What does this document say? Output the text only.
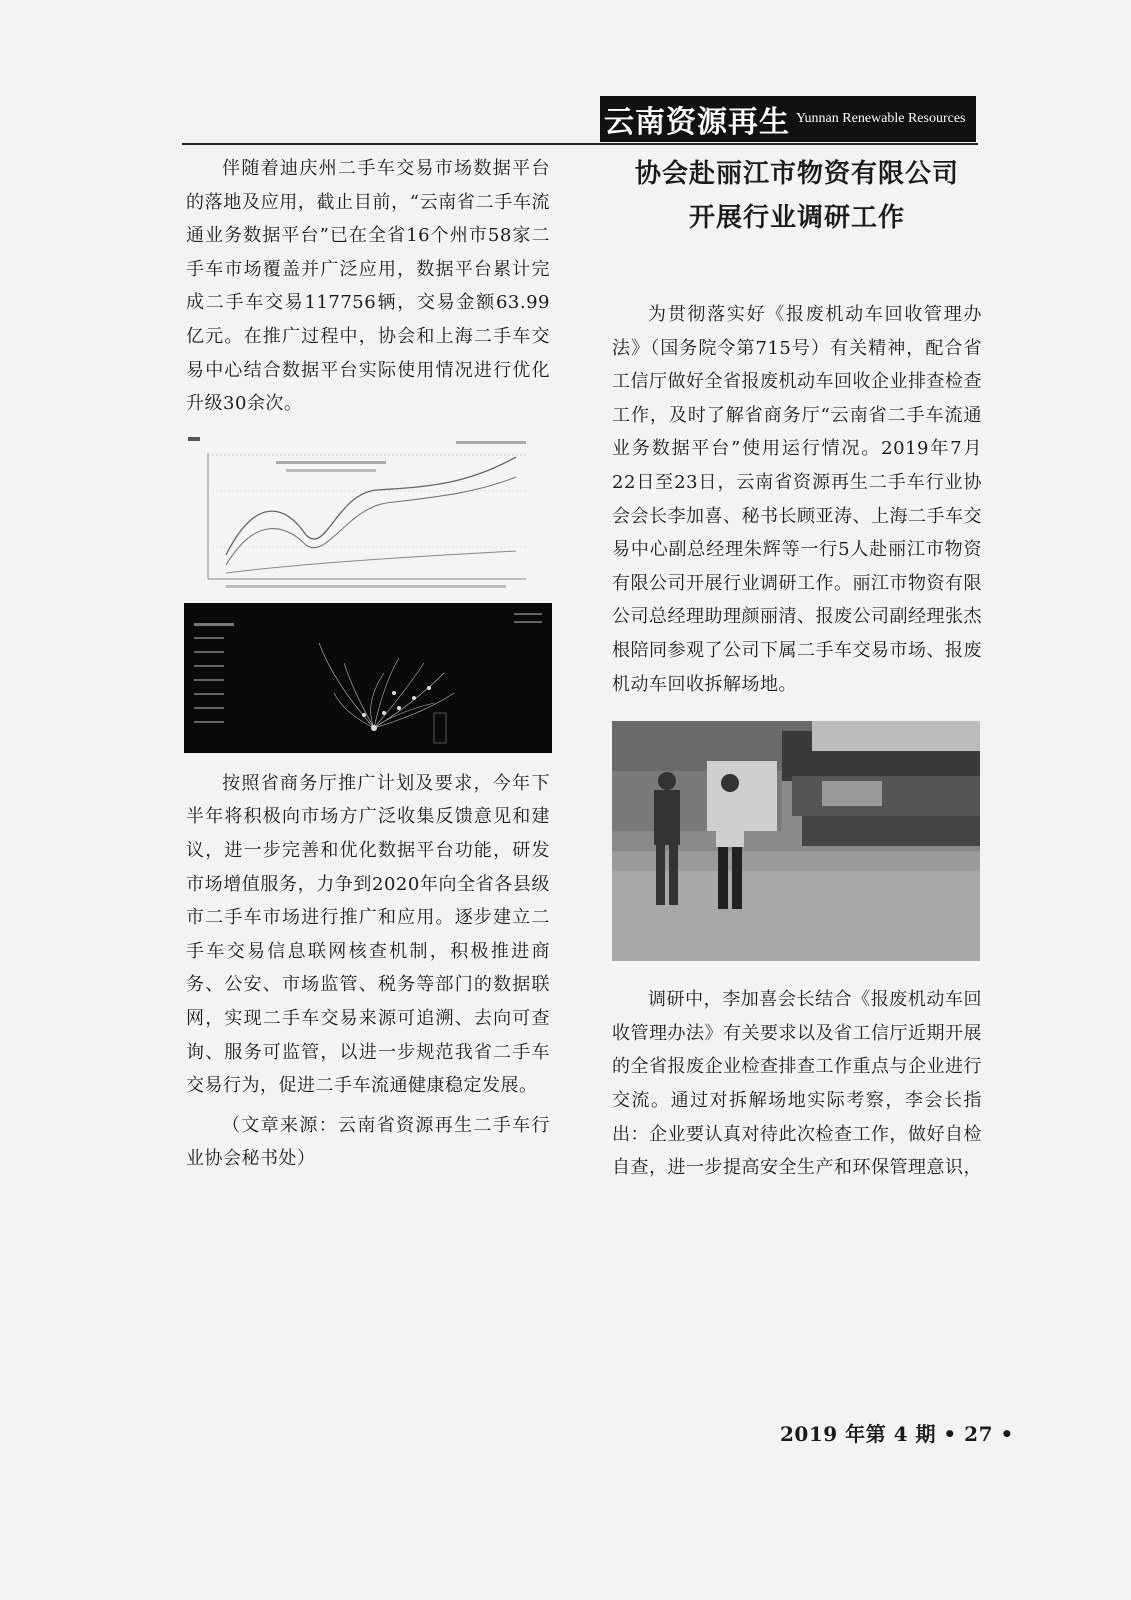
云南资源再生 Yunnan Renewable Resources

伴随着迪庆州二手车交易市场数据平台的落地及应用，截止目前，“云南省二手车流通业务数据平台”已在全省16个州市58家二手车市场覆盖并广泛应用，数据平台累计完成二手车交易117756辆，交易金额63.99亿元。在推广过程中，协会和上海二手车交易中心结合数据平台实际使用情况进行优化升级30余次。

按照省商务厅推广计划及要求，今年下半年将积极向市场方广泛收集反馈意见和建议，进一步完善和优化数据平台功能，研发市场增值服务，力争到2020年向全省各县级市二手车市场进行推广和应用。逐步建立二手车交易信息联网核查机制，积极推进商务、公安、市场监管、税务等部门的数据联网，实现二手车交易来源可追溯、去向可查询、服务可监管，以进一步规范我省二手车交易行为，促进二手车流通健康稳定发展。

（文章来源：云南省资源再生二手车行业协会秘书处）

协会赴丽江市物资有限公司
开展行业调研工作

为贯彻落实好《报废机动车回收管理办法》（国务院令第715号）有关精神，配合省工信厅做好全省报废机动车回收企业排查检查工作，及时了解省商务厅“云南省二手车流通业务数据平台”使用运行情况。2019年7月22日至23日，云南省资源再生二手车行业协会会长李加喜、秘书长顾亚涛、上海二手车交易中心副总经理朱辉等一行5人赴丽江市物资有限公司开展行业调研工作。丽江市物资有限公司总经理助理颜丽清、报废公司副经理张杰根陪同参观了公司下属二手车交易市场、报废机动车回收拆解场地。

调研中，李加喜会长结合《报废机动车回收管理办法》有关要求以及省工信厅近期开展的全省报废企业检查排查工作重点与企业进行交流。通过对拆解场地实际考察，李会长指出：企业要认真对待此次检查工作，做好自检自查，进一步提高安全生产和环保管理意识，

2019 年第 4 期 • 27 •
